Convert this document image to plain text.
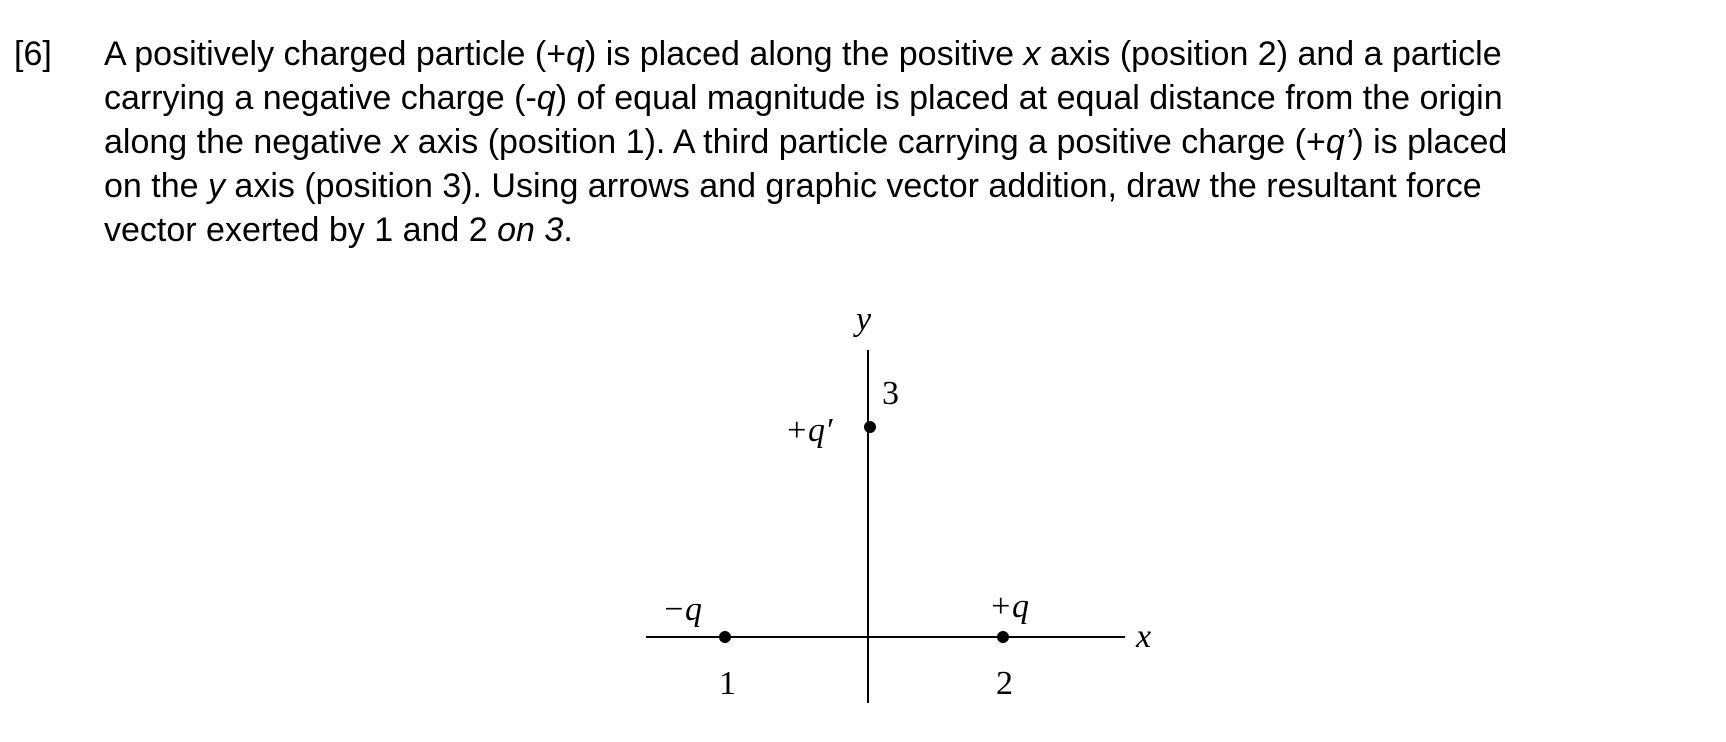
[6] A positively charged particle (+q) is placed along the positive x axis (position 2) and a particle
carrying a negative charge (-q) of equal magnitude is placed at equal distance from the origin
along the negative x axis (position 1). A third particle carrying a positive charge (+q’) is placed
on the y axis (position 3). Using arrows and graphic vector addition, draw the resultant force
vector exerted by 1 and 2 on 3.
x
y
−q
1
+q
2
+q′
3
